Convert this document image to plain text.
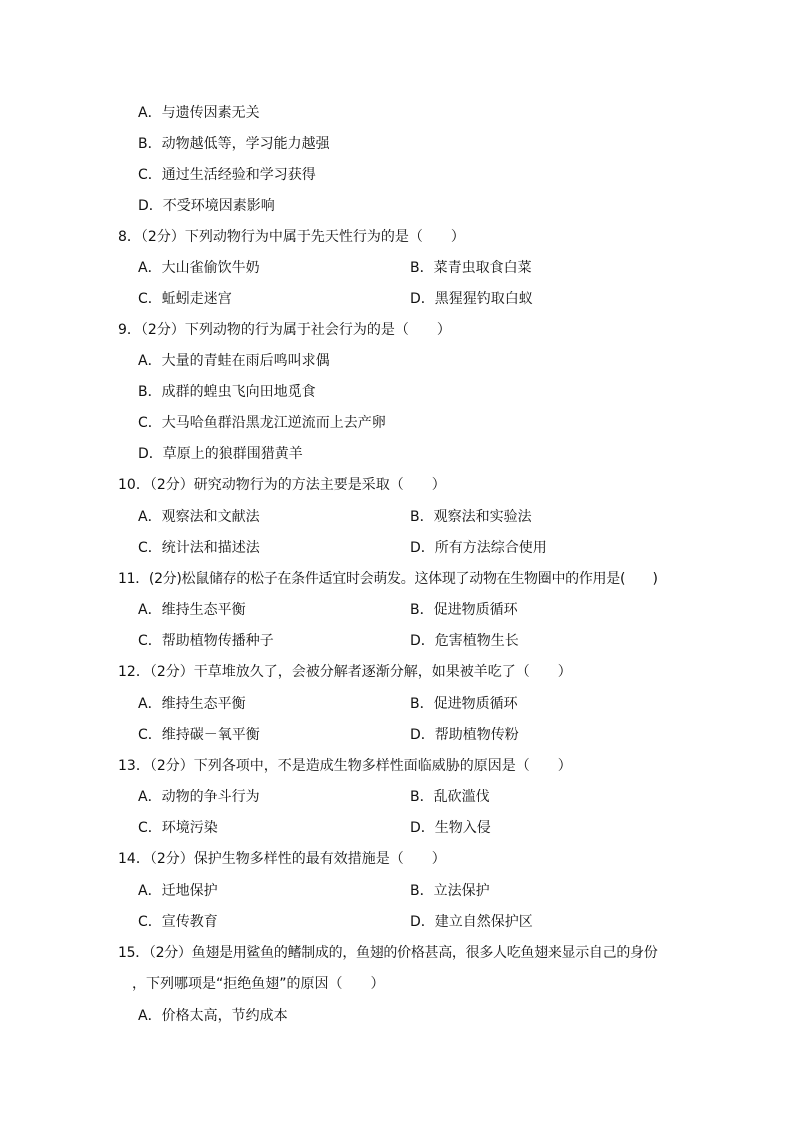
A．与遗传因素无关
B．动物越低等，学习能力越强
C．通过生活经验和学习获得
D．不受环境因素影响
8．（2分）下列动物行为中属于先天性行为的是（　　）
A．大山雀偷饮牛奶	B．菜青虫取食白菜
C．蚯蚓走迷宫	D．黑猩猩钓取白蚁
9．（2分）下列动物的行为属于社会行为的是（　　）
A．大量的青蛙在雨后鸣叫求偶
B．成群的蝗虫飞向田地觅食
C．大马哈鱼群沿黑龙江逆流而上去产卵
D．草原上的狼群围猎黄羊
10．（2分）研究动物行为的方法主要是采取（　　）
A．观察法和文献法	B．观察法和实验法
C．统计法和描述法	D．所有方法综合使用
11．(2分)松鼠储存的松子在条件适宜时会萌发。这体现了动物在生物圈中的作用是(　　)
A．维持生态平衡	B．促进物质循环
C．帮助植物传播种子	D．危害植物生长
12．（2分）干草堆放久了，会被分解者逐渐分解，如果被羊吃了（　　）
A．维持生态平衡	B．促进物质循环
C．维持碳－氧平衡	D．帮助植物传粉
13．（2分）下列各项中，不是造成生物多样性面临威胁的原因是（　　）
A．动物的争斗行为	B．乱砍滥伐
C．环境污染	D．生物入侵
14．（2分）保护生物多样性的最有效措施是（　　）
A．迁地保护	B．立法保护
C．宣传教育	D．建立自然保护区
15．（2分）鱼翅是用鲨鱼的鳍制成的，鱼翅的价格甚高，很多人吃鱼翅来显示自己的身份
，下列哪项是“拒绝鱼翅”的原因（　　）
A．价格太高，节约成本
